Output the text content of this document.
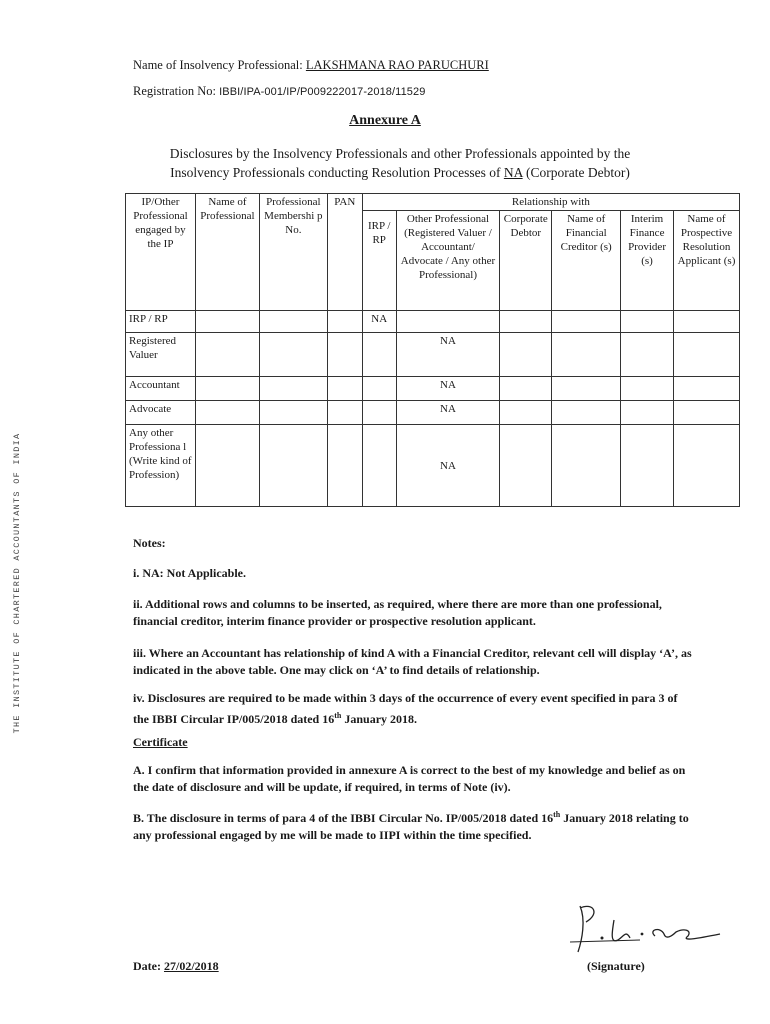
Name of Insolvency Professional: LAKSHMANA RAO PARUCHURI
Registration No: IBBI/IPA-001/IP/P009222017-2018/11529
Annexure A
Disclosures by the Insolvency Professionals and other Professionals appointed by the
Insolvency Professionals conducting Resolution Processes of NA (Corporate Debtor)
IP/Other Professional engaged by the IP	Name of Professional	Professional Membershi p No.	PAN	Relationship with					
				IRP / RP	Other Professional (Registered Valuer / Accountant/ Advocate / Any other Professional)	Corporate Debtor	Name of Financial Creditor (s)	Interim Finance Provider (s)	Name of Prospective Resolution Applicant (s)
IRP / RP				NA					
Registered Valuer					NA				
Accountant					NA				
Advocate					NA				
Any other Professiona l (Write kind of Profession)					NA				
Notes:
i. NA: Not Applicable.
ii. Additional rows and columns to be inserted, as required, where there are more than one professional, financial creditor, interim finance provider or prospective resolution applicant.
iii. Where an Accountant has relationship of kind A with a Financial Creditor, relevant cell will display ‘A’, as indicated in the above table. One may click on ‘A’ to find details of relationship.
iv. Disclosures are required to be made within 3 days of the occurrence of every event specified in para 3 of the IBBI Circular IP/005/2018 dated 16th January 2018.
Certificate
A. I confirm that information provided in annexure A is correct to the best of my knowledge and belief as on the date of disclosure and will be update, if required, in terms of Note (iv).
B. The disclosure in terms of para 4 of the IBBI Circular No. IP/005/2018 dated 16th January 2018 relating to any professional engaged by me will be made to IIPI within the time specified.
Date: 27/02/2018	(Signature)
THE INSTITUTE OF CHARTERED ACCOUNTANTS OF INDIA
